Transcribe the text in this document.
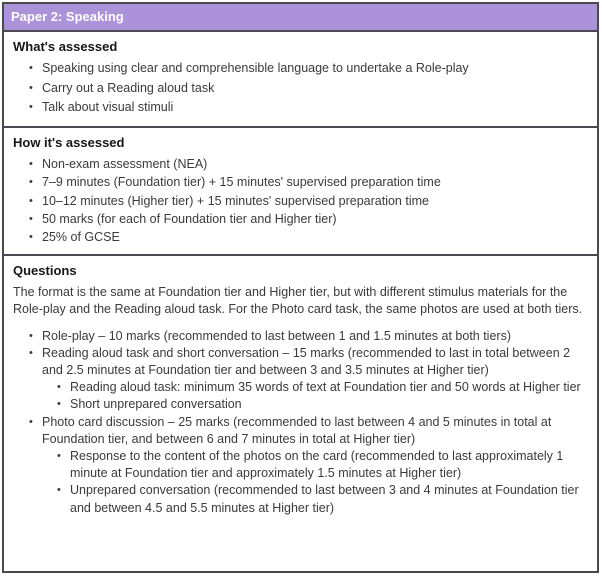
Paper 2: Speaking
What's assessed
• Speaking using clear and comprehensible language to undertake a Role-play
• Carry out a Reading aloud task
• Talk about visual stimuli
How it's assessed
• Non-exam assessment (NEA)
• 7–9 minutes (Foundation tier) + 15 minutes' supervised preparation time
• 10–12 minutes (Higher tier) + 15 minutes' supervised preparation time
• 50 marks (for each of Foundation tier and Higher tier)
• 25% of GCSE
Questions

The format is the same at Foundation tier and Higher tier, but with different stimulus materials for the Role-play and the Reading aloud task. For the Photo card task, the same photos are used at both tiers.

• Role-play – 10 marks (recommended to last between 1 and 1.5 minutes at both tiers)
• Reading aloud task and short conversation – 15 marks (recommended to last in total between 2 and 2.5 minutes at Foundation tier and between 3 and 3.5 minutes at Higher tier)
• Reading aloud task: minimum 35 words of text at Foundation tier and 50 words at Higher tier
• Short unprepared conversation
• Photo card discussion – 25 marks (recommended to last between 4 and 5 minutes in total at Foundation tier, and between 6 and 7 minutes in total at Higher tier)
• Response to the content of the photos on the card (recommended to last approximately 1 minute at Foundation tier and approximately 1.5 minutes at Higher tier)
• Unprepared conversation (recommended to last between 3 and 4 minutes at Foundation tier and between 4.5 and 5.5 minutes at Higher tier)
